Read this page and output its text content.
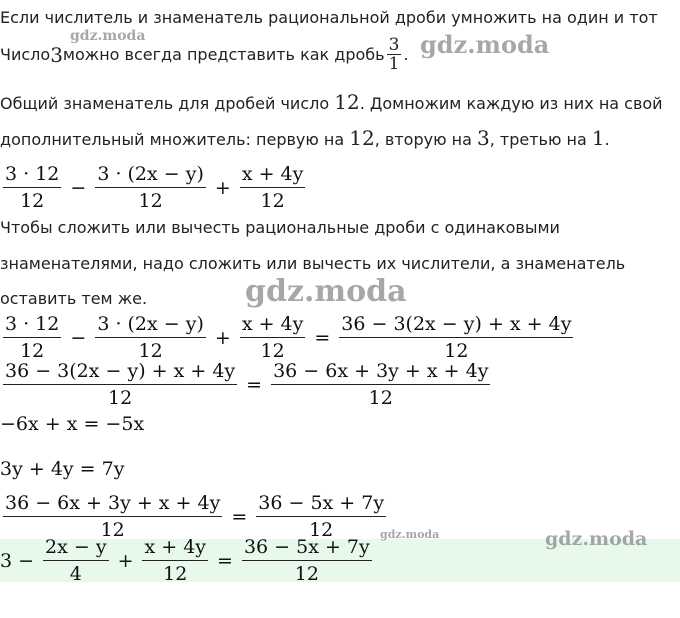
Если числитель и знаменатель рациональной дроби умножить на один и тот
Число 3 можно всегда представить как дробь $\frac{3}{1}$ .
Общий знаменатель для дробей число 12. Домножим каждую из них на свой
дополнительный множитель: первую на 12, вторую на 3, третью на 1.
$\frac{3 \cdot 12}{12} - \frac{3 \cdot (2x - y)}{12} + \frac{x + 4y}{12}$
Чтобы сложить или вычесть рациональные дроби с одинаковыми
знаменателями, надо сложить или вычесть их числители, а знаменатель
оставить тем же.
$\frac{3 \cdot 12}{12} - \frac{3 \cdot (2x - y)}{12} + \frac{x + 4y}{12} = \frac{36 - 3(2x - y) + x + 4y}{12}$
$\frac{36 - 3(2x - y) + x + 4y}{12} = \frac{36 - 6x + 3y + x + 4y}{12}$
−6x + x = −5x
3y + 4y = 7y
$\frac{36 - 6x + 3y + x + 4y}{12} = \frac{36 - 5x + 7y}{12}$
$3 - \frac{2x - y}{4} + \frac{x + 4y}{12} = \frac{36 - 5x + 7y}{12}$
gdz.moda	gdz.moda
gdz.moda
gdz.moda	gdz.moda
